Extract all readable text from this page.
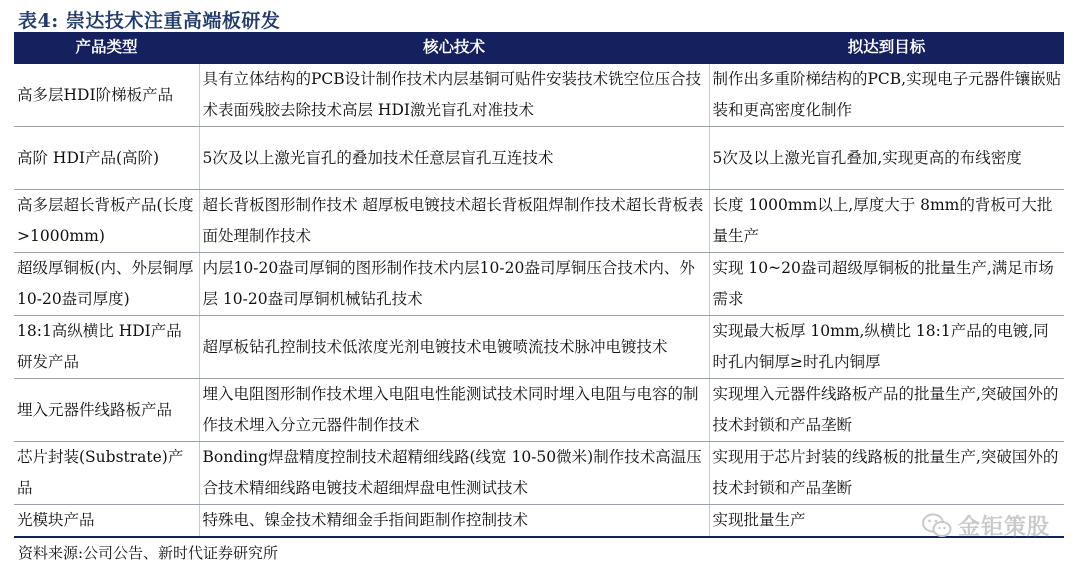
表4: 崇达技术注重高端板研发
产品类型	核心技术	拟达到目标
高多层HDI阶梯板产品	具有立体结构的PCB设计制作技术内层基铜可贴件安装技术铣空位压合技术表面残胶去除技术高层 HDI激光盲孔对准技术	制作出多重阶梯结构的PCB,实现电子元器件镶嵌贴装和更高密度化制作
高阶 HDI产品(高阶)	5次及以上激光盲孔的叠加技术任意层盲孔互连技术	5次及以上激光盲孔叠加,实现更高的布线密度
高多层超长背板产品(长度>1000mm)	超长背板图形制作技术 超厚板电镀技术超长背板阻焊制作技术超长背板表面处理制作技术	长度 1000mm以上,厚度大于 8mm的背板可大批量生产
超级厚铜板(内、外层铜厚 10-20盎司厚度)	内层10-20盎司厚铜的图形制作技术内层10-20盎司厚铜压合技术内、外层 10-20盎司厚铜机械钻孔技术	实现 10~20盎司超级厚铜板的批量生产,满足市场需求
18:1高纵横比 HDI产品研发产品	超厚板钻孔控制技术低浓度光剂电镀技术电镀喷流技术脉冲电镀技术	实现最大板厚 10mm,纵横比 18:1产品的电镀,同时孔内铜厚≥时孔内铜厚
埋入元器件线路板产品	埋入电阻图形制作技术埋入电阻电性能测试技术同时埋入电阻与电容的制作技术埋入分立元器件制作技术	实现埋入元器件线路板产品的批量生产,突破国外的技术封锁和产品垄断
芯片封装(Substrate)产品	Bonding焊盘精度控制技术超精细线路(线宽 10-50微米)制作技术高温压合技术精细线路电镀技术超细焊盘电性测试技术	实现用于芯片封装的线路板的批量生产,突破国外的技术封锁和产品垄断
光模块产品	特殊电、镍金技术精细金手指间距制作控制技术	实现批量生产
资料来源:公司公告、新时代证券研究所
金钜策股
